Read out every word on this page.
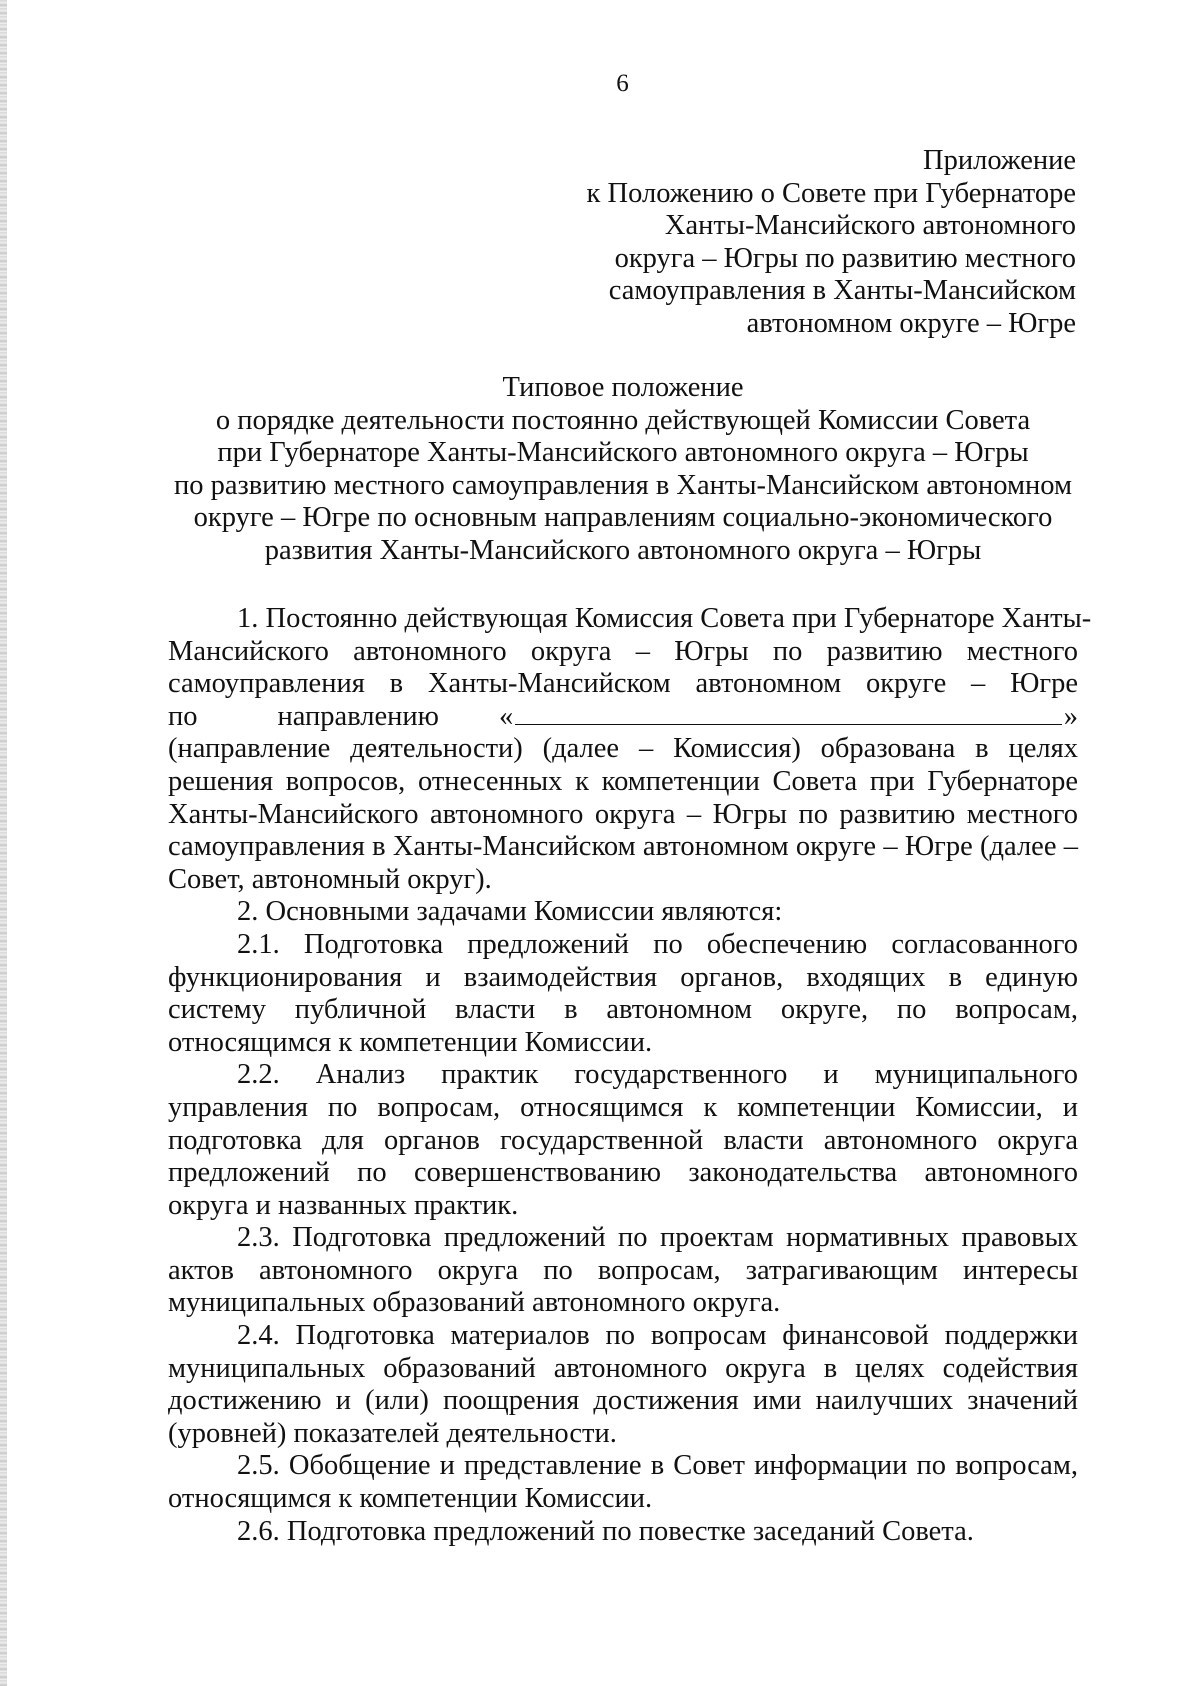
6
Приложение
к Положению о Совете при Губернаторе
Ханты-Мансийского автономного
округа – Югры по развитию местного
самоуправления в Ханты-Мансийском
автономном округе – Югре
Типовое положение
о порядке деятельности постоянно действующей Комиссии Совета
при Губернаторе Ханты-Мансийского автономного округа – Югры
по развитию местного самоуправления в Ханты-Мансийском автономном
округе – Югре по основным направлениям социально-экономического
развития Ханты-Мансийского автономного округа – Югры
1. Постоянно действующая Комиссия Совета при Губернаторе Ханты-
Мансийского автономного округа – Югры по развитию местного
самоуправления в Ханты-Мансийском автономном округе – Югре
по	направлению «	»
(направление деятельности) (далее – Комиссия) образована в целях решения вопросов, отнесенных к компетенции Совета при Губернаторе Ханты-Мансийского автономного округа – Югры по развитию местного самоуправления в Ханты-Мансийском автономном округе – Югре (далее – Совет, автономный округ).

2. Основными задачами Комиссии являются:

2.1. Подготовка предложений по обеспечению согласованного функционирования и взаимодействия органов, входящих в единую систему публичной власти в автономном округе, по вопросам, относящимся к компетенции Комиссии.

2.2. Анализ практик государственного и муниципального управления по вопросам, относящимся к компетенции Комиссии, и подготовка для органов государственной власти автономного округа предложений по совершенствованию законодательства автономного округа и названных практик.

2.3. Подготовка предложений по проектам нормативных правовых актов автономного округа по вопросам, затрагивающим интересы муниципальных образований автономного округа.

2.4. Подготовка материалов по вопросам финансовой поддержки муниципальных образований автономного округа в целях содействия достижению и (или) поощрения достижения ими наилучших значений (уровней) показателей деятельности.

2.5. Обобщение и представление в Совет информации по вопросам, относящимся к компетенции Комиссии.

2.6. Подготовка предложений по повестке заседаний Совета.
